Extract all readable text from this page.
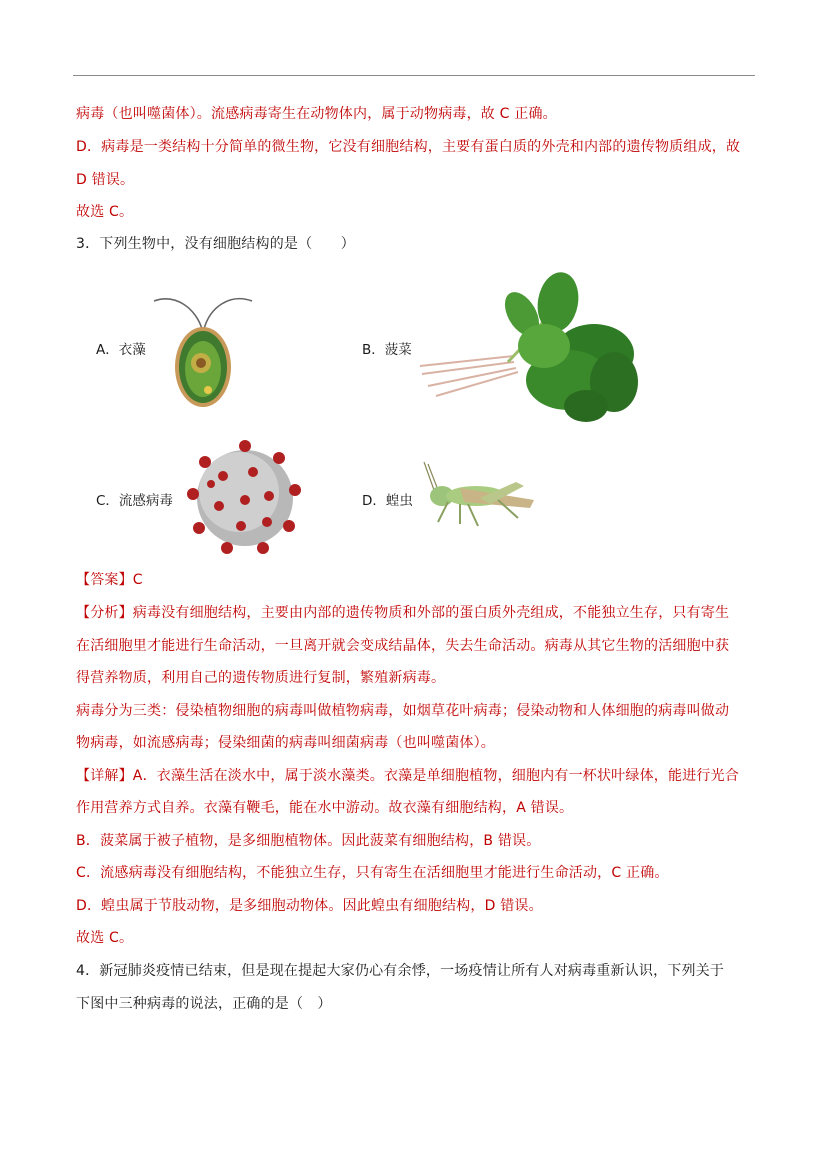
病毒（也叫噬菌体）。流感病毒寄生在动物体内，属于动物病毒，故 C 正确。
D．病毒是一类结构十分简单的微生物，它没有细胞结构，主要有蛋白质的外壳和内部的遗传物质组成，故
D 错误。
故选 C。
3．下列生物中，没有细胞结构的是（　　）
A．衣藻	B．菠菜
C．流感病毒	D．蝗虫
【答案】C
【分析】病毒没有细胞结构，主要由内部的遗传物质和外部的蛋白质外壳组成，不能独立生存，只有寄生
在活细胞里才能进行生命活动，一旦离开就会变成结晶体，失去生命活动。病毒从其它生物的活细胞中获
得营养物质，利用自己的遗传物质进行复制，繁殖新病毒。
病毒分为三类：侵染植物细胞的病毒叫做植物病毒，如烟草花叶病毒；侵染动物和人体细胞的病毒叫做动
物病毒，如流感病毒；侵染细菌的病毒叫细菌病毒（也叫噬菌体）。
【详解】A．衣藻生活在淡水中，属于淡水藻类。衣藻是单细胞植物，细胞内有一杯状叶绿体，能进行光合
作用营养方式自养。衣藻有鞭毛，能在水中游动。故衣藻有细胞结构，A 错误。
B．菠菜属于被子植物，是多细胞植物体。因此菠菜有细胞结构，B 错误。
C．流感病毒没有细胞结构，不能独立生存，只有寄生在活细胞里才能进行生命活动，C 正确。
D．蝗虫属于节肢动物，是多细胞动物体。因此蝗虫有细胞结构，D 错误。
故选 C。
4．新冠肺炎疫情已结束，但是现在提起大家仍心有余悸，一场疫情让所有人对病毒重新认识，下列关于
下图中三种病毒的说法，正确的是（　）
